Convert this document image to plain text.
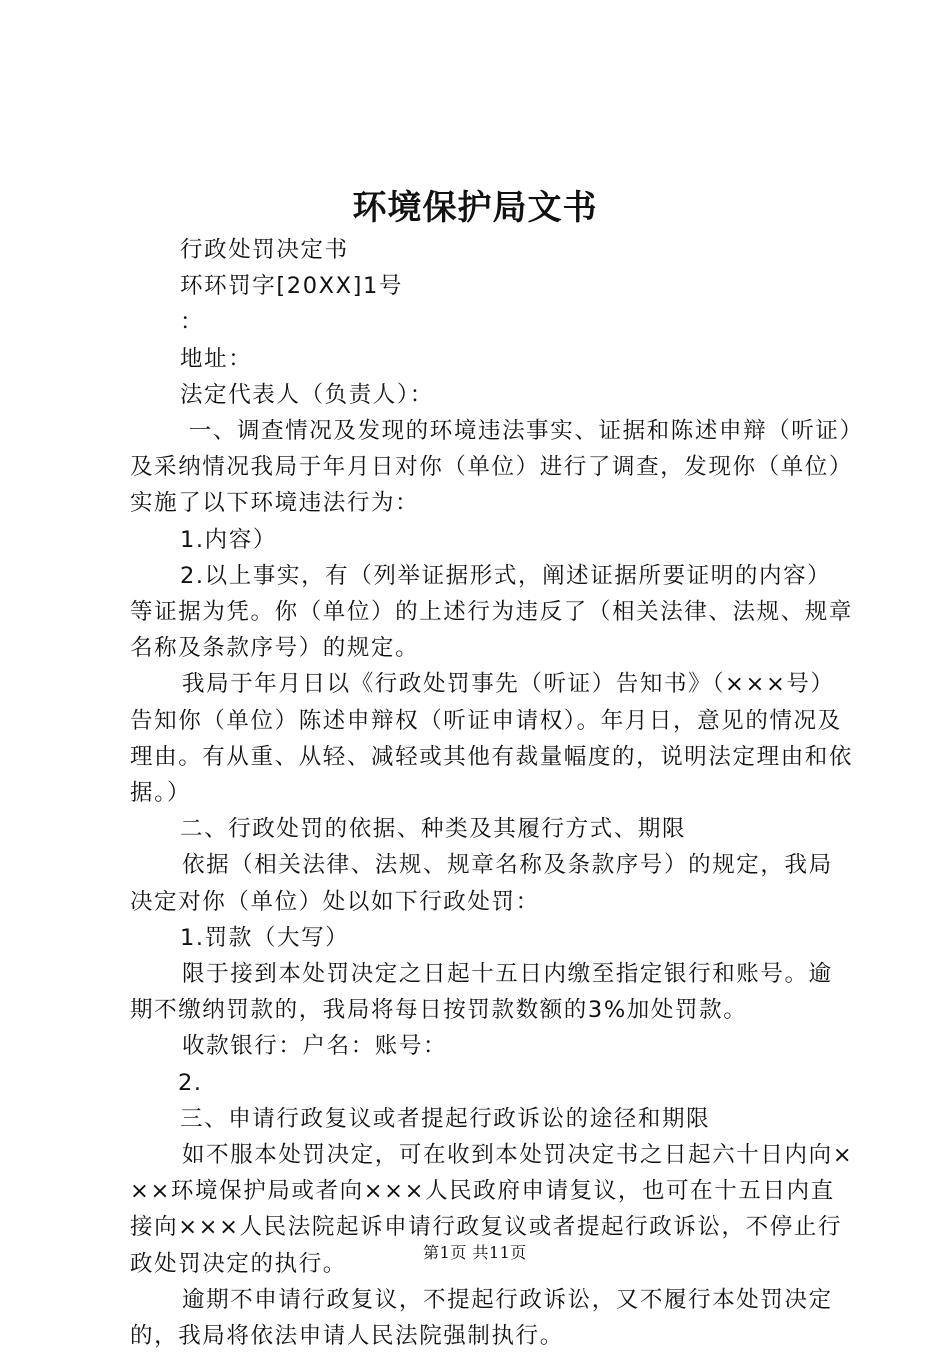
环境保护局文书

行政处罚决定书

环环罚字[20XX]1号

：

地址：

法定代表人（负责人）：

一、调查情况及发现的环境违法事实、证据和陈述申辩（听证）及采纳情况我局于年月日对你（单位）进行了调查，发现你（单位）实施了以下环境违法行为：

1.内容）

2.以上事实，有（列举证据形式，阐述证据所要证明的内容）等证据为凭。你（单位）的上述行为违反了（相关法律、法规、规章名称及条款序号）的规定。

我局于年月日以《行政处罚事先（听证）告知书》（×××号）告知你（单位）陈述申辩权（听证申请权）。年月日，意见的情况及理由。有从重、从轻、减轻或其他有裁量幅度的，说明法定理由和依据。）

二、行政处罚的依据、种类及其履行方式、期限

依据（相关法律、法规、规章名称及条款序号）的规定，我局决定对你（单位）处以如下行政处罚：

1.罚款（大写）

限于接到本处罚决定之日起十五日内缴至指定银行和账号。逾期不缴纳罚款的，我局将每日按罚款数额的3%加处罚款。

收款银行：户名：账号：

2.

三、申请行政复议或者提起行政诉讼的途径和期限

如不服本处罚决定，可在收到本处罚决定书之日起六十日内向×××环境保护局或者向×××人民政府申请复议，也可在十五日内直接向×××人民法院起诉申请行政复议或者提起行政诉讼，不停止行政处罚决定的执行。

逾期不申请行政复议，不提起行政诉讼，又不履行本处罚决定的，我局将依法申请人民法院强制执行。

第1页 共11页
